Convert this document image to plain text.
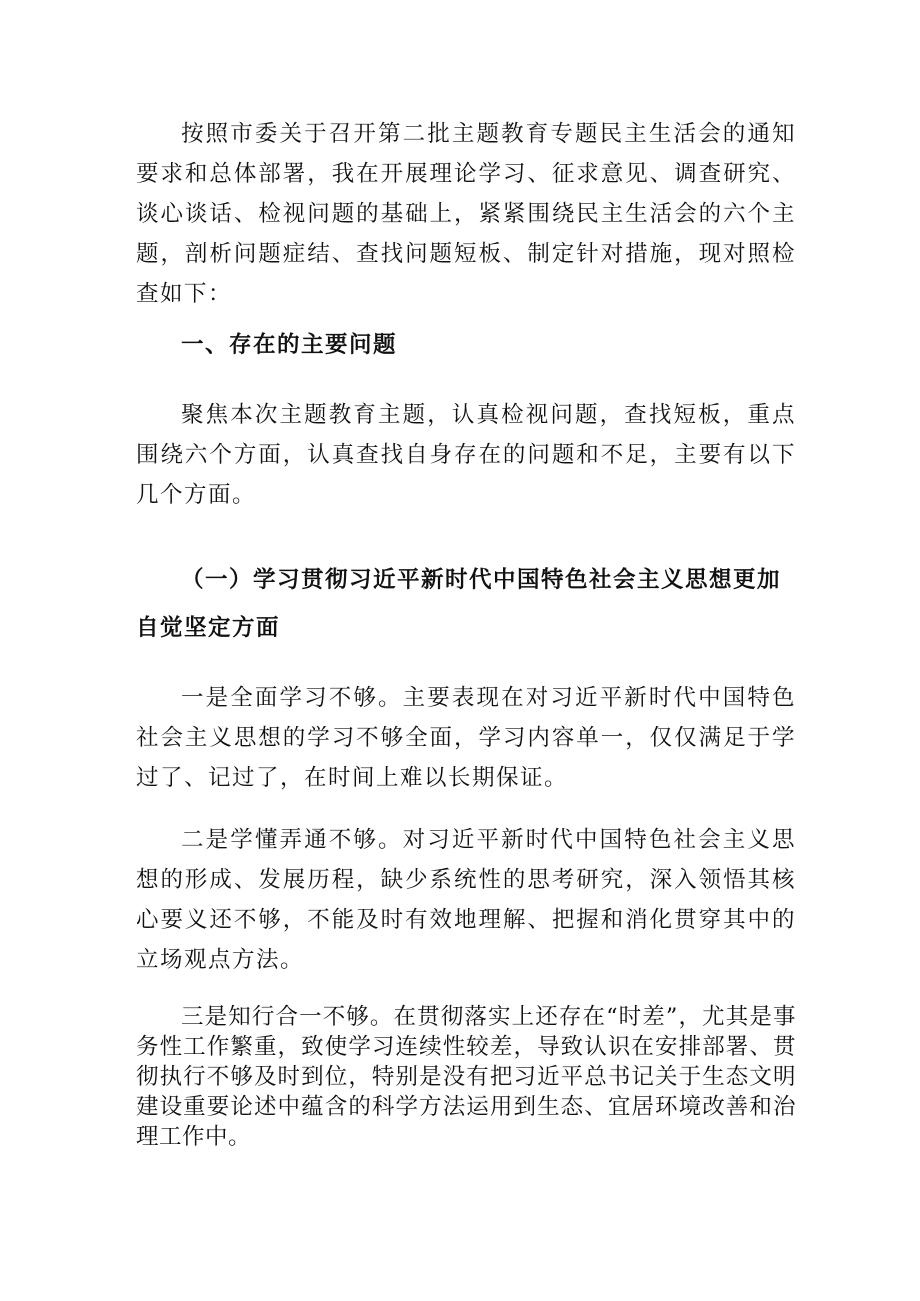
按照市委关于召开第二批主题教育专题民主生活会的通知要求和总体部署，我在开展理论学习、征求意见、调查研究、谈心谈话、检视问题的基础上，紧紧围绕民主生活会的六个主题，剖析问题症结、查找问题短板、制定针对措施，现对照检查如下：

一、存在的主要问题

聚焦本次主题教育主题，认真检视问题，查找短板，重点围绕六个方面，认真查找自身存在的问题和不足，主要有以下几个方面。

（一）学习贯彻习近平新时代中国特色社会主义思想更加自觉坚定方面

一是全面学习不够。主要表现在对习近平新时代中国特色社会主义思想的学习不够全面，学习内容单一，仅仅满足于学过了、记过了，在时间上难以长期保证。

二是学懂弄通不够。对习近平新时代中国特色社会主义思想的形成、发展历程，缺少系统性的思考研究，深入领悟其核心要义还不够，不能及时有效地理解、把握和消化贯穿其中的立场观点方法。

三是知行合一不够。在贯彻落实上还存在“时差”，尤其是事务性工作繁重，致使学习连续性较差，导致认识在安排部署、贯彻执行不够及时到位，特别是没有把习近平总书记关于生态文明建设重要论述中蕴含的科学方法运用到生态、宜居环境改善和治理工作中。
